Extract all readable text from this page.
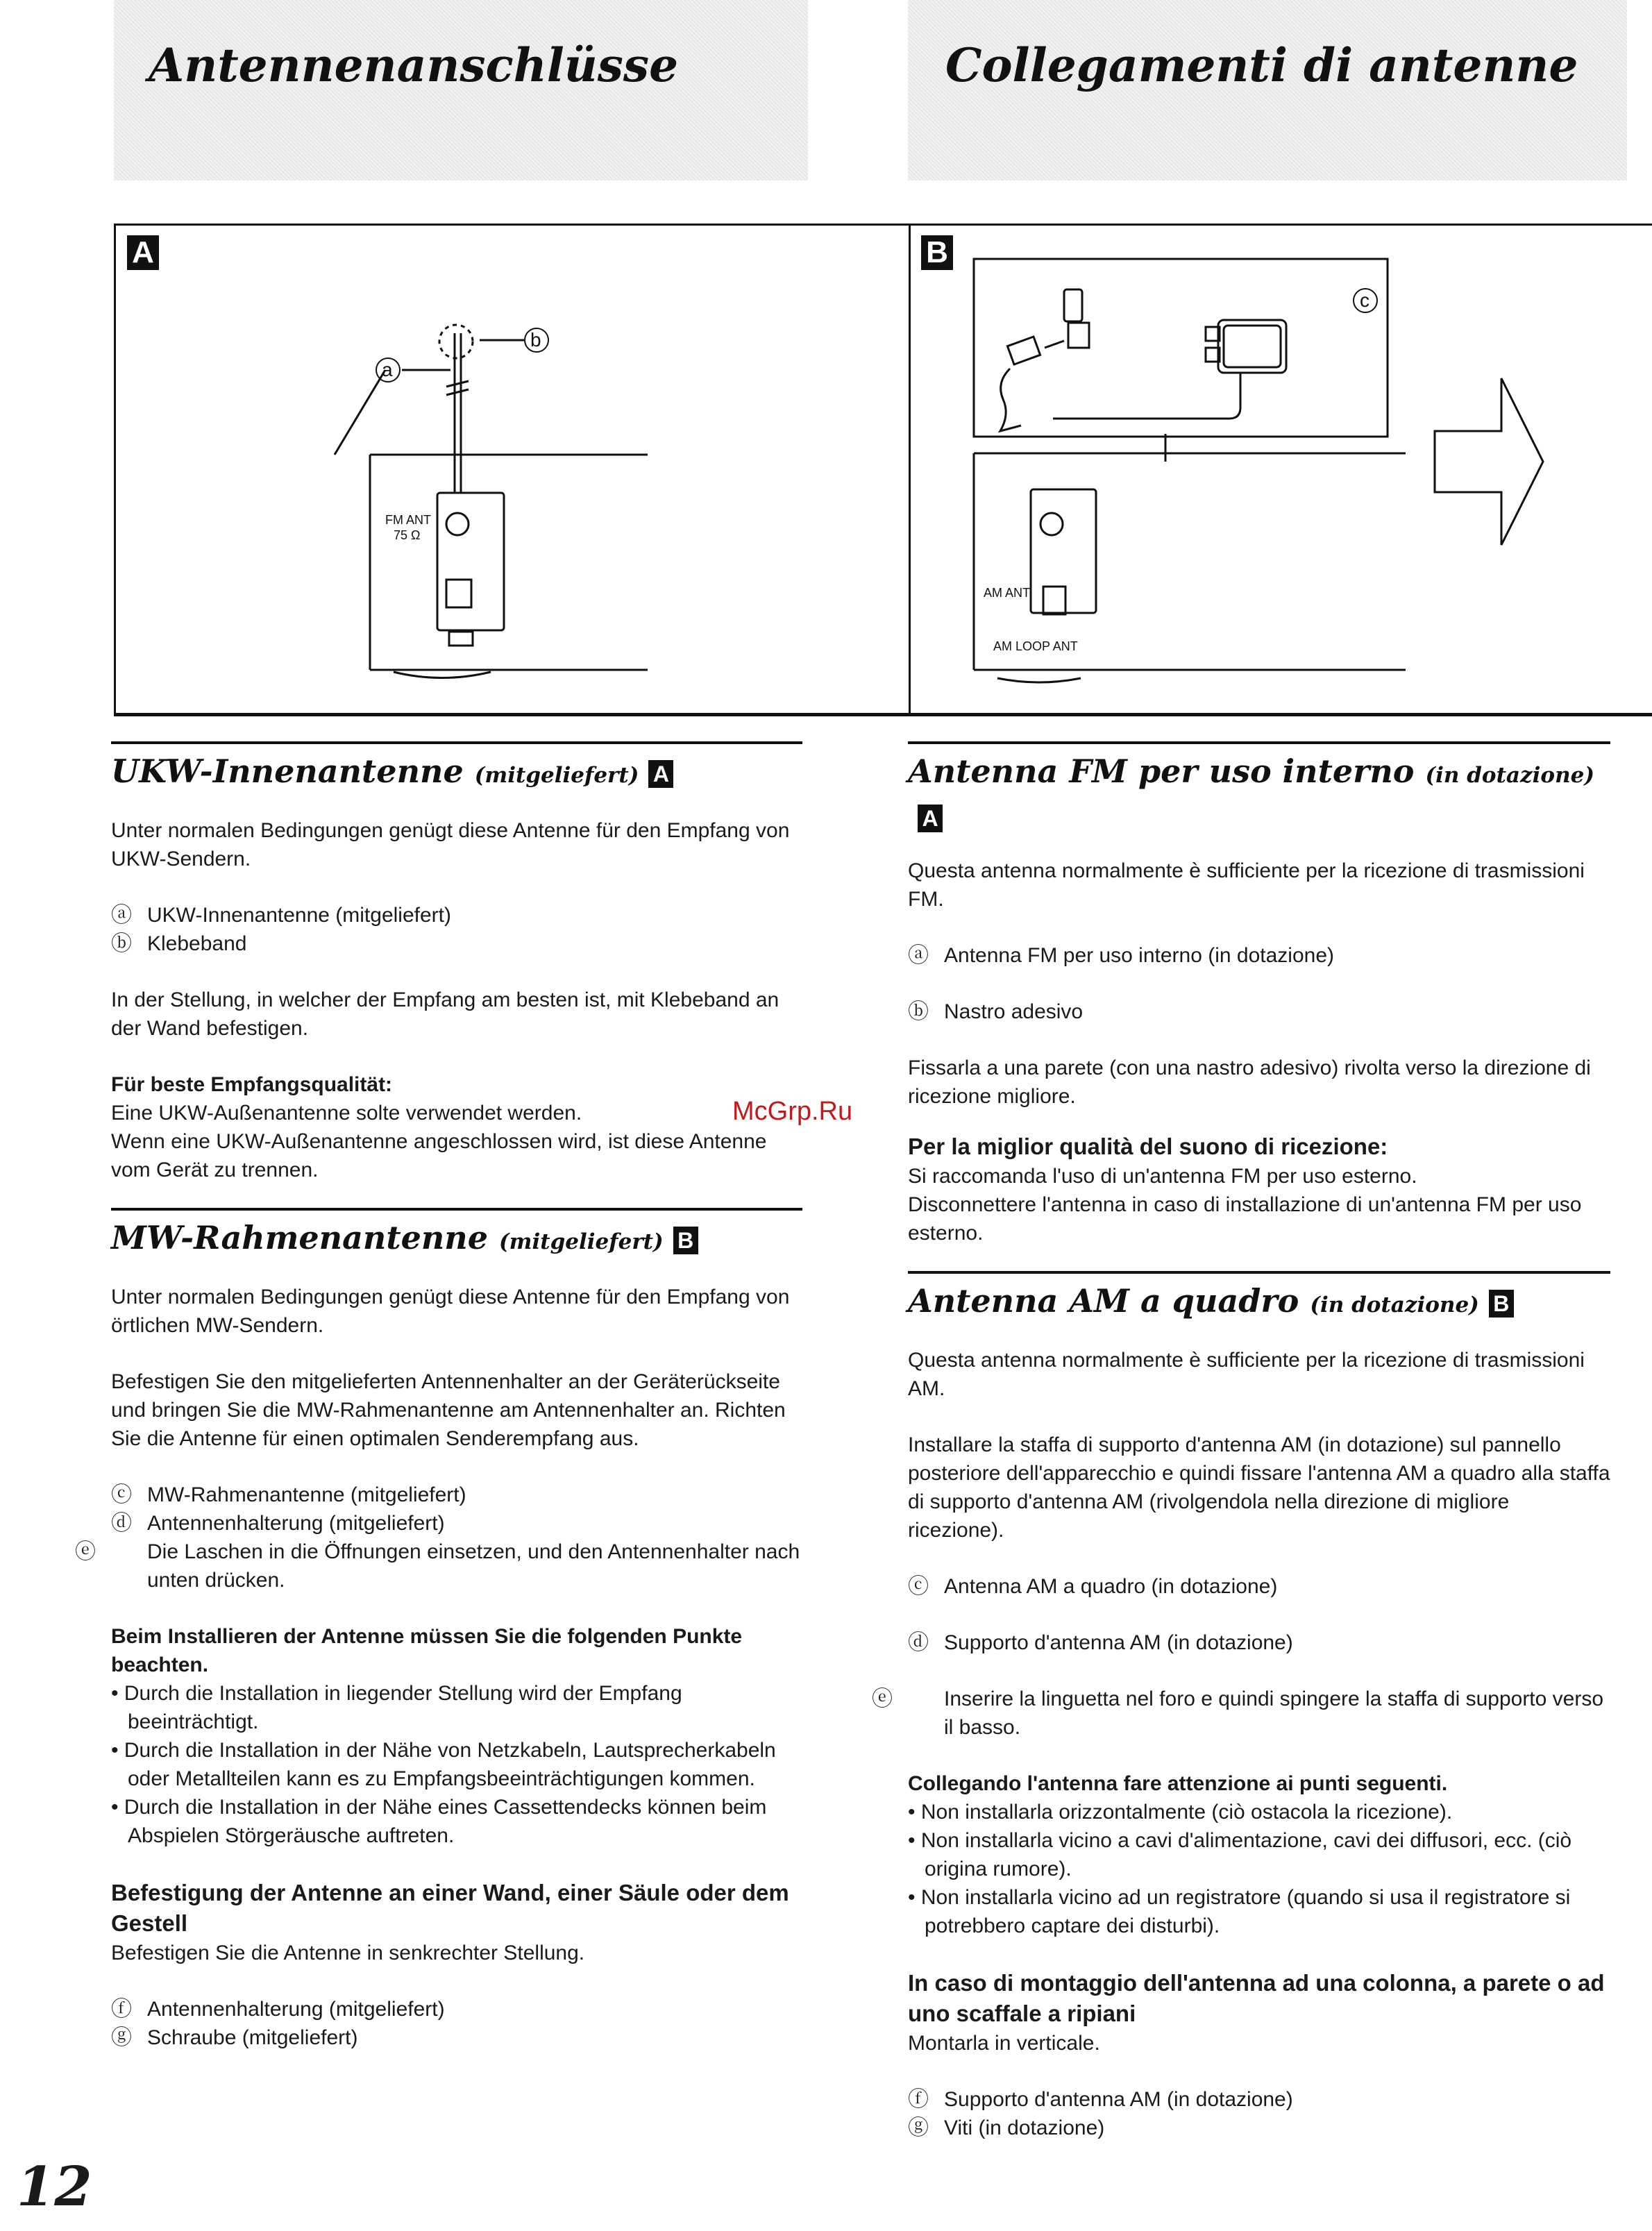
Antennenanschlüsse	Collegamenti di antenne
A	B
a
b
c
FM ANT
75 Ω
AM ANT
AM LOOP ANT
McGrp.Ru
UKW-Innenantenne (mitgeliefert) A

Unter normalen Bedingungen genügt diese Antenne für den Empfang von UKW-Sendern.

ⓐ UKW-Innenantenne (mitgeliefert)

ⓑ Klebeband

In der Stellung, in welcher der Empfang am besten ist, mit Klebeband an der Wand befestigen.

Für beste Empfangsqualität:

Eine UKW-Außenantenne solte verwendet werden.

Wenn eine UKW-Außenantenne angeschlossen wird, ist diese Antenne vom Gerät zu trennen.

MW-Rahmenantenne (mitgeliefert) B

Unter normalen Bedingungen genügt diese Antenne für den Empfang von örtlichen MW-Sendern.

Befestigen Sie den mitgelieferten Antennenhalter an der Geräterückseite und bringen Sie die MW-Rahmenantenne am Antennenhalter an. Richten Sie die Antenne für einen optimalen Senderempfang aus.

ⓒ MW-Rahmenantenne (mitgeliefert)

ⓓ Antennenhalterung (mitgeliefert)

ⓔ Die Laschen in die Öffnungen einsetzen, und den Antennenhalter nach unten drücken.

Beim Installieren der Antenne müssen Sie die folgenden Punkte beachten.

• Durch die Installation in liegender Stellung wird der Empfang beeinträchtigt.

• Durch die Installation in der Nähe von Netzkabeln, Lautsprecherkabeln oder Metallteilen kann es zu Empfangsbeeinträchtigungen kommen.

• Durch die Installation in der Nähe eines Cassettendecks können beim Abspielen Störgeräusche auftreten.

Befestigung der Antenne an einer Wand, einer Säule oder dem Gestell

Befestigen Sie die Antenne in senkrechter Stellung.

ⓕ Antennenhalterung (mitgeliefert)

ⓖ Schraube (mitgeliefert)

Antenna FM per uso interno (in dotazione)A

Questa antenna normalmente è sufficiente per la ricezione di trasmissioni FM.

ⓐ Antenna FM per uso interno (in dotazione)

ⓑ Nastro adesivo

Fissarla a una parete (con una nastro adesivo) rivolta verso la direzione di ricezione migliore.

Per la miglior qualità del suono di ricezione:

Si raccomanda l'uso di un'antenna FM per uso esterno.

Disconnettere l'antenna in caso di installazione di un'antenna FM per uso esterno.

Antenna AM a quadro (in dotazione) B

Questa antenna normalmente è sufficiente per la ricezione di trasmissioni AM.

Installare la staffa di supporto d'antenna AM (in dotazione) sul pannello posteriore dell'apparecchio e quindi fissare l'antenna AM a quadro alla staffa di supporto d'antenna AM (rivolgendola nella direzione di migliore ricezione).

ⓒ Antenna AM a quadro (in dotazione)

ⓓ Supporto d'antenna AM (in dotazione)

ⓔ Inserire la linguetta nel foro e quindi spingere la staffa di supporto verso il basso.

Collegando l'antenna fare attenzione ai punti seguenti.

• Non installarla orizzontalmente (ciò ostacola la ricezione).

• Non installarla vicino a cavi d'alimentazione, cavi dei diffusori, ecc. (ciò origina rumore).

• Non installarla vicino ad un registratore (quando si usa il registratore si potrebbero captare dei disturbi).

In caso di montaggio dell'antenna ad una colonna, a parete o ad uno scaffale a ripiani

Montarla in verticale.

ⓕ Supporto d'antenna AM (in dotazione)

ⓖ Viti (in dotazione)

12
